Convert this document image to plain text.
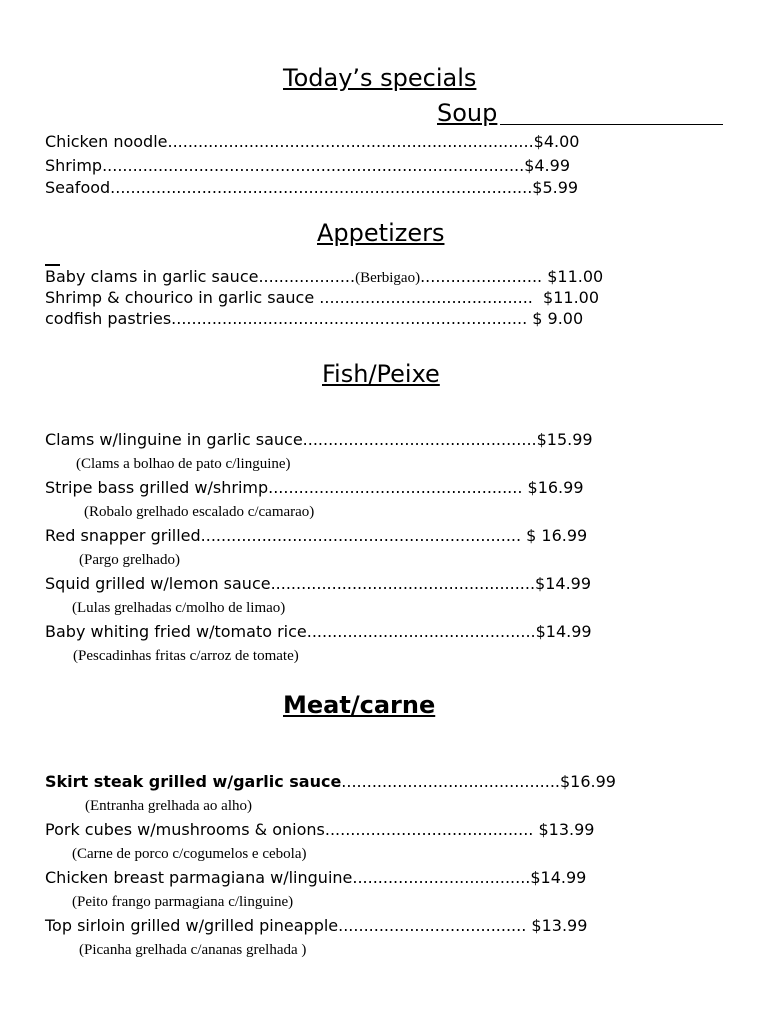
Today’s specials
Soup
Chicken noodle........................................................................$4.00
Shrimp...................................................................................$4.99
Seafood...................................................................................$5.99
Appetizers
Baby clams in garlic sauce...................(Berbigao)........................ $11.00
Shrimp & chourico in garlic sauce ..........................................  $11.00
codfish pastries...................................................................... $ 9.00
Fish/Peixe
Clams w/linguine in garlic sauce..............................................$15.99
(Clams a bolhao de pato c/linguine)
Stripe bass grilled w/shrimp.................................................. $16.99
(Robalo grelhado escalado c/camarao)
Red snapper grilled............................................................... $ 16.99
(Pargo grelhado)
Squid grilled w/lemon sauce....................................................$14.99
(Lulas grelhadas c/molho de limao)
Baby whiting fried w/tomato rice.............................................$14.99
(Pescadinhas fritas c/arroz de tomate)
Meat/carne
Skirt steak grilled w/garlic sauce...........................................$16.99
(Entranha grelhada ao alho)
Pork cubes w/mushrooms & onions......................................... $13.99
(Carne de porco c/cogumelos e cebola)
Chicken breast parmagiana w/linguine...................................$14.99
(Peito frango parmagiana c/linguine)
Top sirloin grilled w/grilled pineapple..................................... $13.99
(Picanha grelhada c/ananas grelhada )
